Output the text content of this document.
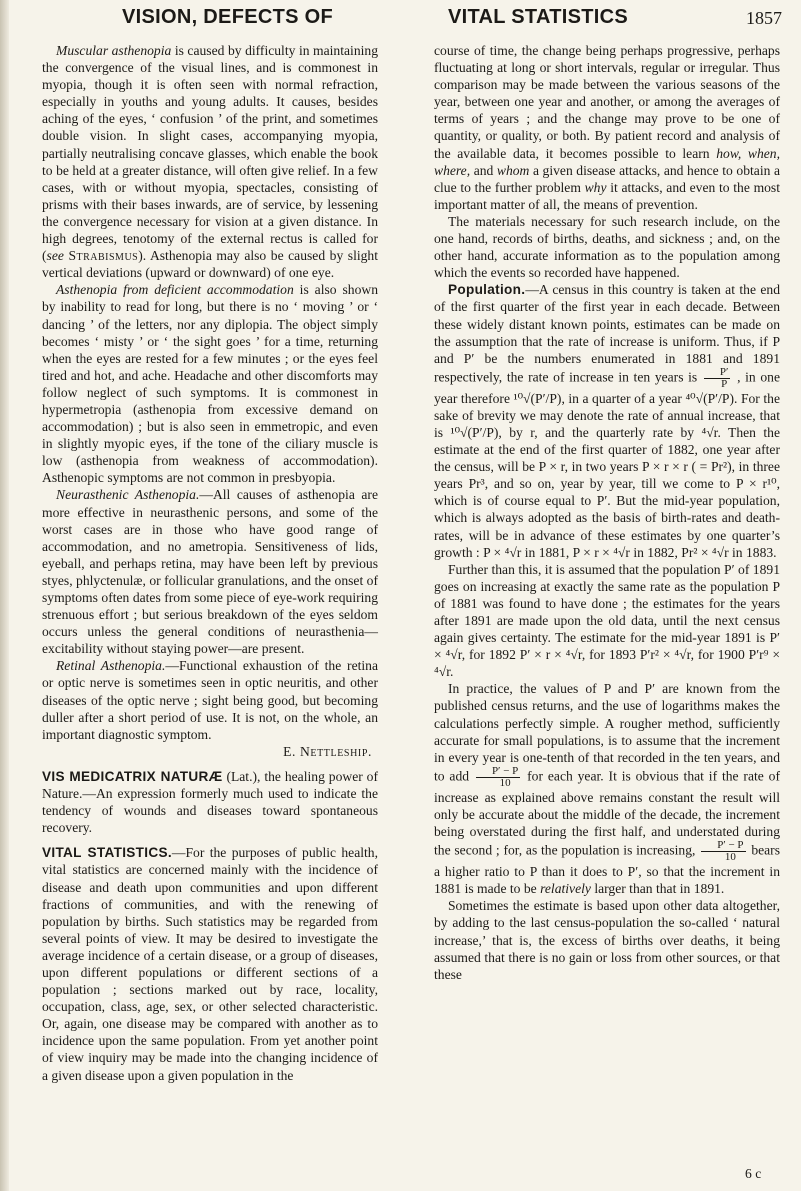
VISION, DEFECTS OF	VITAL STATISTICS	1857

Muscular asthenopia is caused by difficulty in maintaining the convergence of the visual lines, and is commonest in myopia, though it is often seen with normal refraction, especially in youths and young adults. It causes, besides aching of the eyes, ‘ confusion ’ of the print, and sometimes double vision. In slight cases, accompanying myopia, partially neutralising concave glasses, which enable the book to be held at a greater distance, will often give relief. In a few cases, with or without myopia, spectacles, consisting of prisms with their bases inwards, are of service, by lessening the convergence necessary for vision at a given distance. In high degrees, tenotomy of the external rectus is called for (see Strabismus). Asthenopia may also be caused by slight vertical deviations (upward or downward) of one eye.

Asthenopia from deficient accommodation is also shown by inability to read for long, but there is no ‘ moving ’ or ‘ dancing ’ of the letters, nor any diplopia. The object simply becomes ‘ misty ’ or ‘ the sight goes ’ for a time, returning when the eyes are rested for a few minutes ; or the eyes feel tired and hot, and ache. Headache and other discomforts may follow neglect of such symptoms. It is commonest in hypermetropia (asthenopia from excessive demand on accommodation) ; but is also seen in emmetropic, and even in slightly myopic eyes, if the tone of the ciliary muscle is low (asthenopia from weakness of accommodation). Asthenopic symptoms are not common in presbyopia.

Neurasthenic Asthenopia.—All causes of asthenopia are more effective in neurasthenic persons, and some of the worst cases are in those who have good range of accommodation, and no ametropia. Sensitiveness of lids, eyeball, and perhaps retina, may have been left by previous styes, phlyctenulæ, or follicular granulations, and the onset of symptoms often dates from some piece of eye-work requiring strenuous effort ; but serious breakdown of the eyes seldom occurs unless the general conditions of neurasthenia—excitability without staying power—are present.

Retinal Asthenopia.—Functional exhaustion of the retina or optic nerve is sometimes seen in optic neuritis, and other diseases of the optic nerve ; sight being good, but becoming duller after a short period of use. It is not, on the whole, an important diagnostic symptom.

E. Nettleship.

VIS MEDICATRIX NATURÆ (Lat.), the healing power of Nature.—An expression formerly much used to indicate the tendency of wounds and diseases toward spontaneous recovery.

VITAL STATISTICS.—For the purposes of public health, vital statistics are concerned mainly with the incidence of disease and death upon communities and upon different fractions of communities, and with the renewing of population by births. Such statistics may be regarded from several points of view. It may be desired to investigate the average incidence of a certain disease, or a group of diseases, upon different populations or different sections of a population ; sections marked out by race, locality, occupation, class, age, sex, or other selected characteristic. Or, again, one disease may be compared with another as to incidence upon the same population. From yet another point of view inquiry may be made into the changing incidence of a given disease upon a given population in the

course of time, the change being perhaps progressive, perhaps fluctuating at long or short intervals, regular or irregular. Thus comparison may be made between the various seasons of the year, between one year and another, or among the averages of terms of years ; and the change may prove to be one of quantity, or quality, or both. By patient record and analysis of the available data, it becomes possible to learn how, when, where, and whom a given disease attacks, and hence to obtain a clue to the further problem why it attacks, and even to the most important matter of all, the means of prevention.

The materials necessary for such research include, on the one hand, records of births, deaths, and sickness ; and, on the other hand, accurate information as to the population among which the events so recorded have happened.

Population.—A census in this country is taken at the end of the first quarter of the first year in each decade. Between these widely distant known points, estimates can be made on the assumption that the rate of increase is uniform. Thus, if P and P′ be the numbers enumerated in 1881 and 1891 respectively, the rate of increase in ten years is $\frac{P'}{P}$ , in one year therefore ¹⁰√(P′/P), in a quarter of a year ⁴⁰√(P′/P). For the sake of brevity we may denote the rate of annual increase, that is ¹⁰√(P′/P), by r, and the quarterly rate by ⁴√r. Then the estimate at the end of the first quarter of 1882, one year after the census, will be P × r, in two years P × r × r ( = Pr²), in three years Pr³, and so on, year by year, till we come to P × r¹⁰, which is of course equal to P′. But the mid-year population, which is always adopted as the basis of birth-rates and death-rates, will be in advance of these estimates by one quarter’s growth : P × ⁴√r in 1881, P × r × ⁴√r in 1882, Pr² × ⁴√r in 1883.

Further than this, it is assumed that the population P′ of 1891 goes on increasing at exactly the same rate as the population P of 1881 was found to have done ; the estimates for the years after 1891 are made upon the old data, until the next census again gives certainty. The estimate for the mid-year 1891 is P′ × ⁴√r, for 1892 P′ × r × ⁴√r, for 1893 P′r² × ⁴√r, for 1900 P′r⁹ × ⁴√r.

In practice, the values of P and P′ are known from the published census returns, and the use of logarithms makes the calculations perfectly simple. A rougher method, sufficiently accurate for small populations, is to assume that the increment in every year is one-tenth of that recorded in the ten years, and to add $\frac{P' - P}{10}$ for each year. It is obvious that if the rate of increase as explained above remains constant the result will only be accurate about the middle of the decade, the increment being overstated during the first half, and understated during the second ; for, as the population is increasing, $\frac{P' - P}{10}$ bears a higher ratio to P than it does to P′, so that the increment in 1881 is made to be relatively larger than that in 1891.

Sometimes the estimate is based upon other data altogether, by adding to the last census-population the so-called ‘ natural increase,’ that is, the excess of births over deaths, it being assumed that there is no gain or loss from other sources, or that these

6 c
